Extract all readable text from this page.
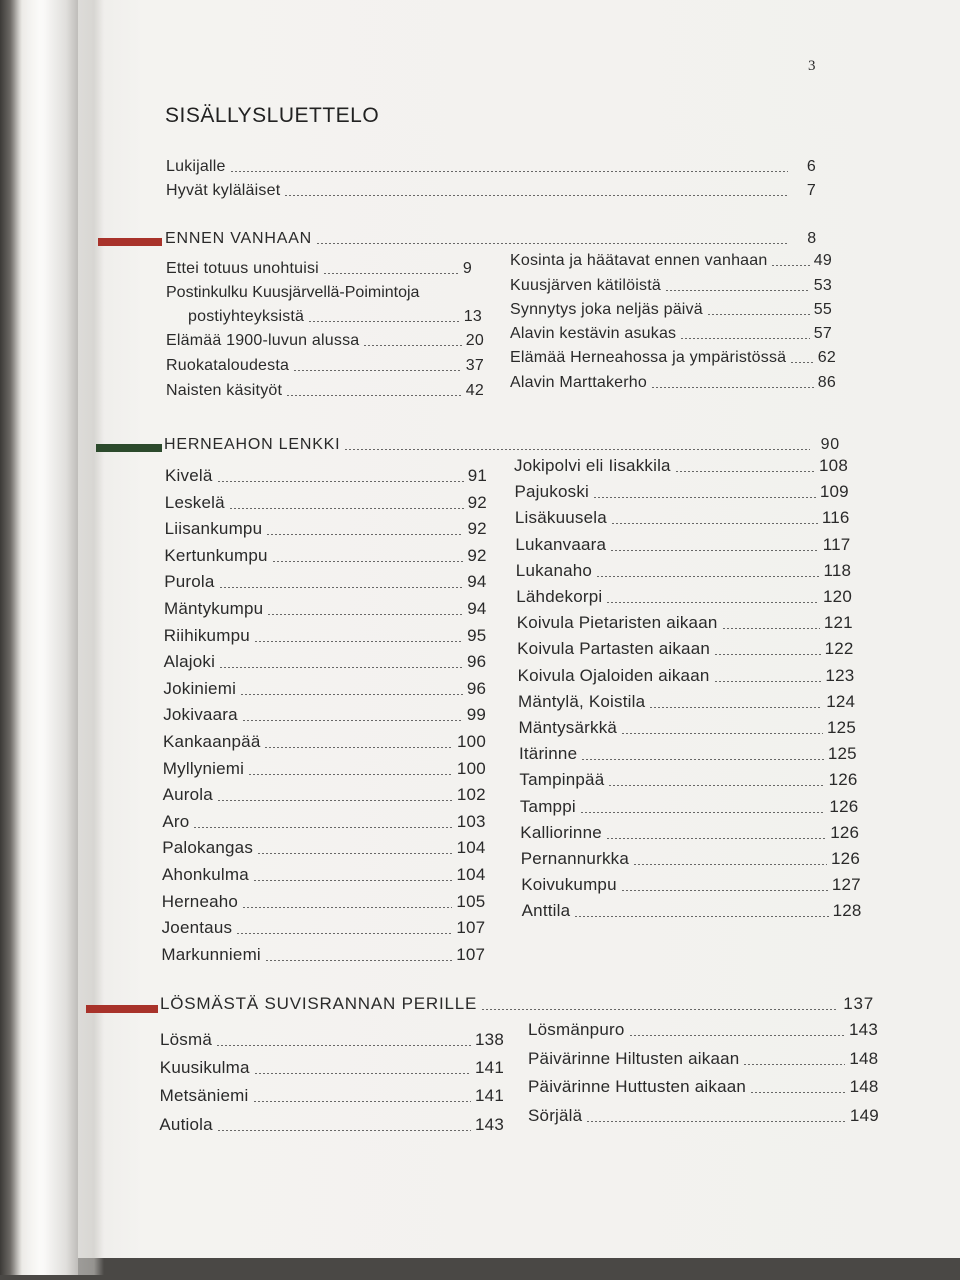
3
SISÄLLYSLUETTELO
Lukijalle	6
Hyvät kyläläiset	7
ENNEN VANHAAN	8
Ettei totuus unohtuisi	9
Postinkulku Kuusjärvellä-Poimintoja
postiyhteyksistä	13
Elämää 1900-luvun alussa	20
Ruokataloudesta	37
Naisten käsityöt	42
Kosinta ja häätavat ennen vanhaan	49
Kuusjärven kätilöistä	53
Synnytys joka neljäs päivä	55
Alavin kestävin asukas	57
Elämää Herneahossa ja ympäristössä 62
Alavin Marttakerho	86
HERNEAHON LENKKI	90
Kivelä	91
Leskelä	92
Liisankumpu	92
Kertunkumpu	92
Purola	94
Mäntykumpu	94
Riihikumpu	95
Alajoki	96
Jokiniemi	96
Jokivaara	99
Kankaanpää	100
Myllyniemi	100
Aurola	102
Aro	103
Palokangas	104
Ahonkulma	104
Herneaho	105
Joentaus	107
Markunniemi	107
Jokipolvi eli Iisakkila	108
Pajukoski	109
Lisäkuusela	116
Lukanvaara	117
Lukanaho	118
Lähdekorpi	120
Koivula Pietaristen aikaan	121
Koivula Partasten aikaan	122
Koivula Ojaloiden aikaan	123
Mäntylä, Koistila	124
Mäntysärkkä	125
Itärinne	125
Tampinpää	126
Tamppi	126
Kalliorinne	126
Pernannurkka	126
Koivukumpu	127
Anttila	128
LÖSMÄSTÄ SUVISRANNAN PERILLE	137
Lösmä	138
Kuusikulma	141
Metsäniemi	141
Autiola	143
Lösmänpuro	143
Päivärinne Hiltusten aikaan	148
Päivärinne Huttusten aikaan	148
Sörjälä	149
